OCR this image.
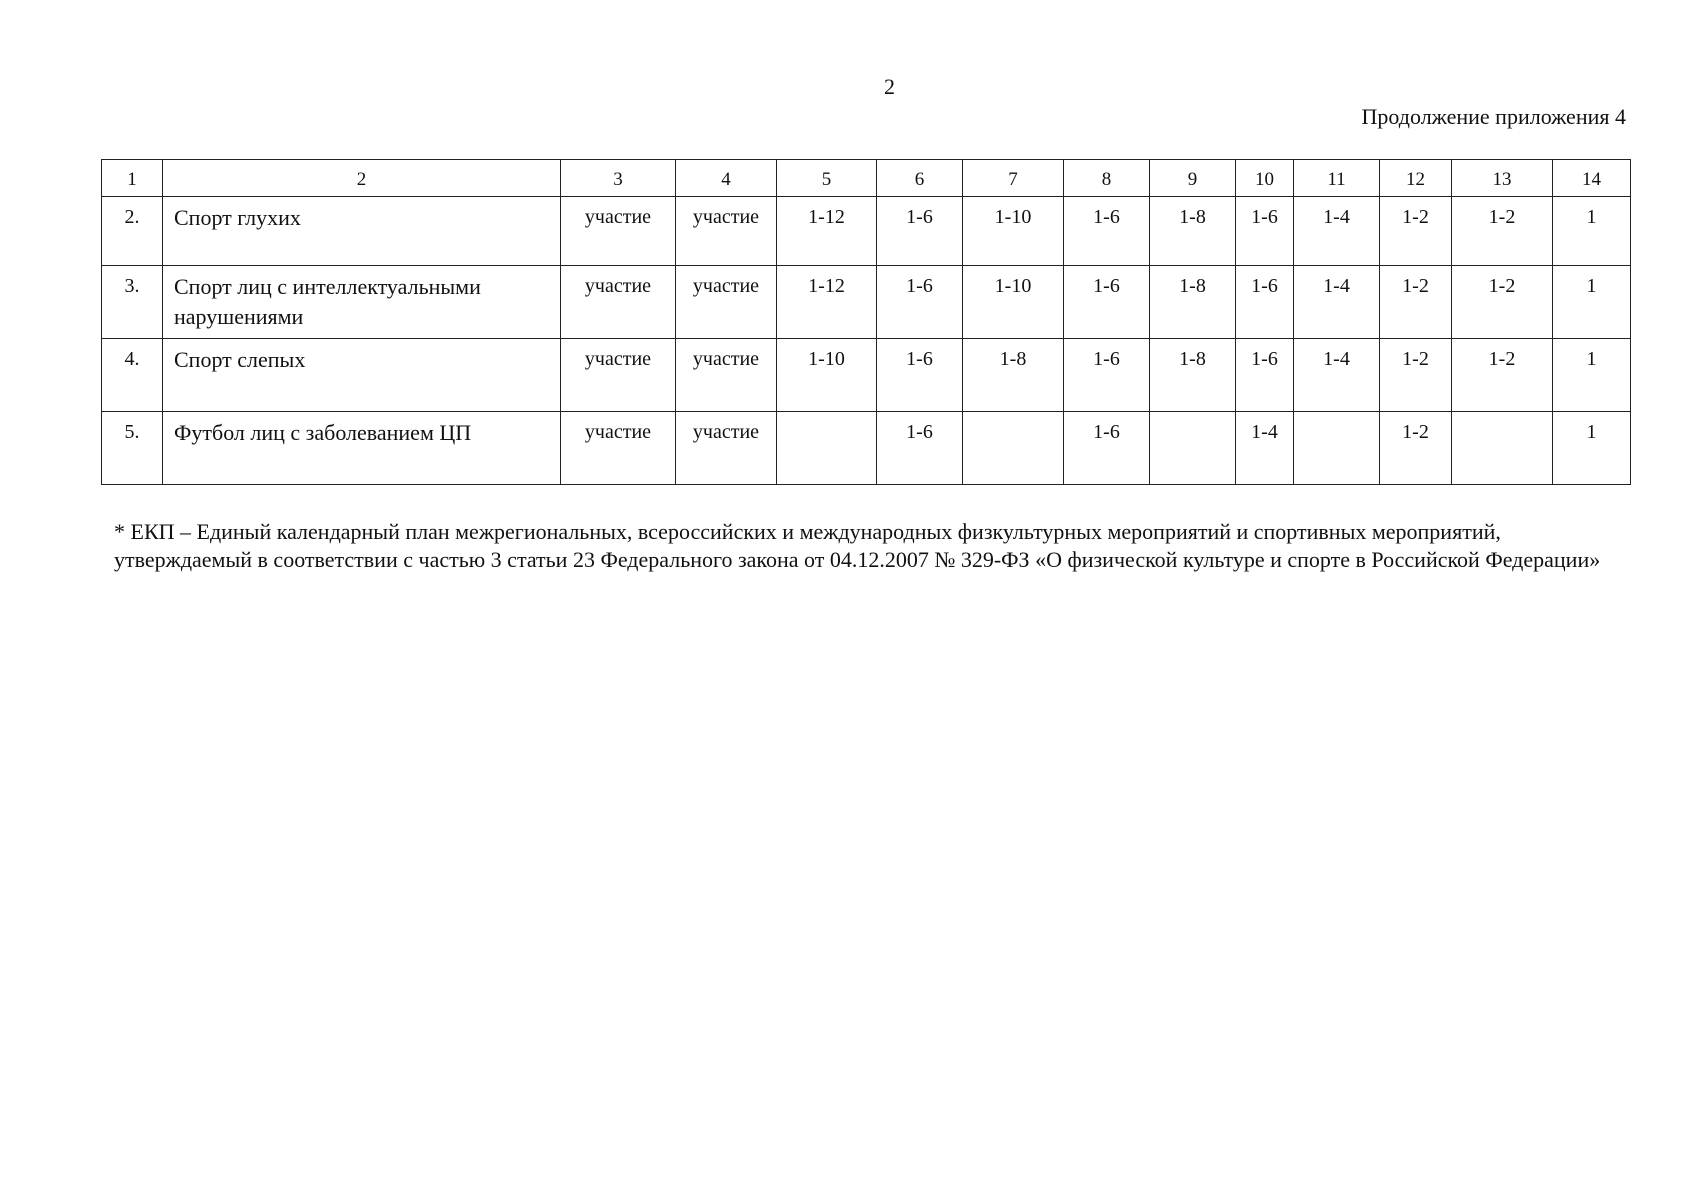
2
Продолжение приложения 4
1	2	3	4	5	6	7	8	9	10	11	12	13	14
2.	Спорт глухих	участие	участие	1-12	1-6	1-10	1-6	1-8	1-6	1-4	1-2	1-2	1
3.	Спорт лиц с интеллектуальными нарушениями	участие	участие	1-12	1-6	1-10	1-6	1-8	1-6	1-4	1-2	1-2	1
4.	Спорт слепых	участие	участие	1-10	1-6	1-8	1-6	1-8	1-6	1-4	1-2	1-2	1
5.	Футбол лиц с заболеванием ЦП	участие	участие		1-6		1-6		1-4		1-2		1
* ЕКП – Единый календарный план межрегиональных, всероссийских и международных физкультурных мероприятий и спортивных мероприятий, утверждаемый в соответствии с частью 3 статьи 23 Федерального закона от 04.12.2007 № 329-ФЗ «О физической культуре и спорте в Российской Федерации»
